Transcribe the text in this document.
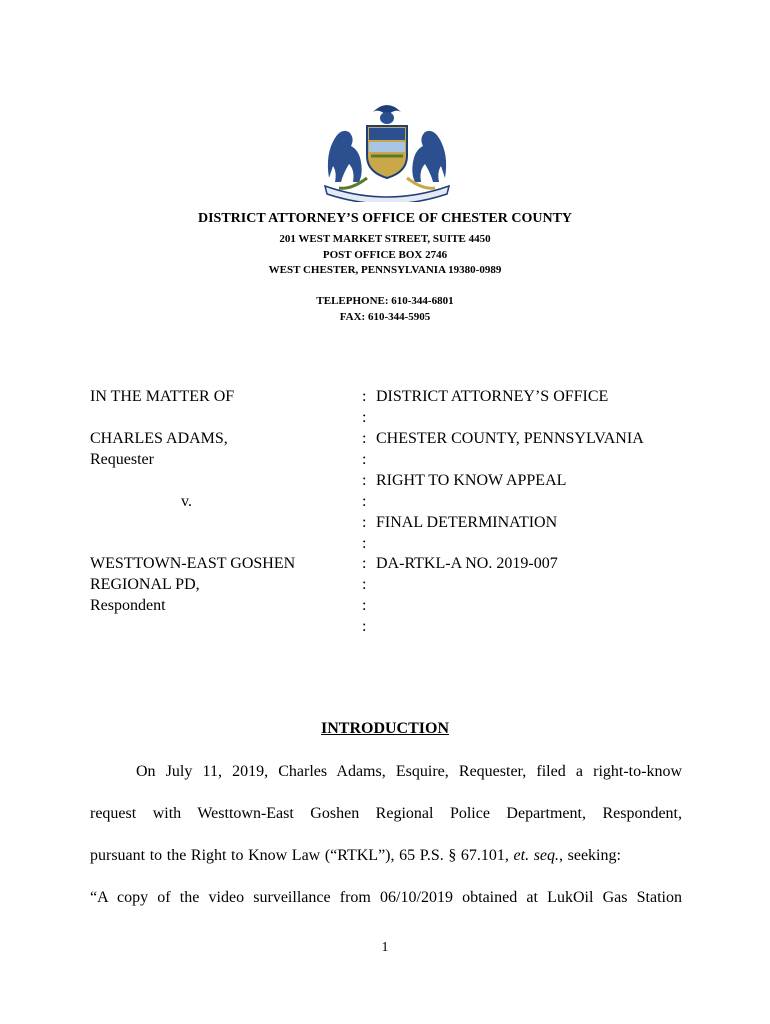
DISTRICT ATTORNEY’S OFFICE OF CHESTER COUNTY
201 WEST MARKET STREET, SUITE 4450
POST OFFICE BOX 2746
WEST CHESTER, PENNSYLVANIA 19380-0989
TELEPHONE: 610-344-6801
FAX: 610-344-5905
IN THE MATTER OF
CHARLES ADAMS,
Requester
v.
WESTTOWN-EAST GOSHEN
REGIONAL PD,
Respondent
:
:
:
:
:
:
:
:
:
:
:
:
DISTRICT ATTORNEY’S OFFICE
CHESTER COUNTY, PENNSYLVANIA
RIGHT TO KNOW APPEAL
FINAL DETERMINATION
DA-RTKL-A NO. 2019-007
INTRODUCTION
On July 11, 2019, Charles Adams, Esquire, Requester, filed a right-to-know
request with Westtown-East Goshen Regional Police Department, Respondent,
pursuant to the Right to Know Law (“RTKL”), 65 P.S. § 67.101, et. seq., seeking:
“A copy of the video surveillance from 06/10/2019 obtained at LukOil Gas Station
1
